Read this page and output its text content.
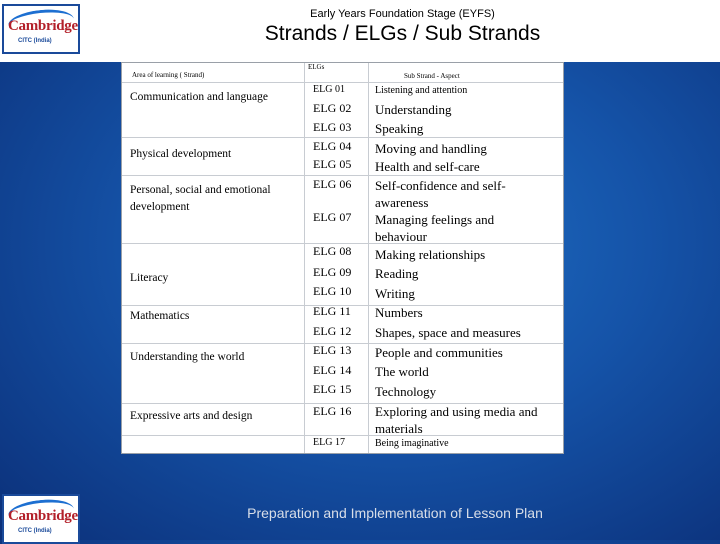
Cambridge
CITC (India)
Early Years Foundation Stage (EYFS)
Strands / ELGs / Sub Strands
Area of learning ( Strand)
ELGs
Sub Strand - Aspect
Communication and language
Physical development
Personal, social and emotional development
Literacy
Mathematics
Understanding the world
Expressive arts and design
ELG 01
ELG 02
ELG 03
ELG 04
ELG 05
ELG 06
ELG 07
ELG 08
ELG 09
ELG 10
ELG 11
ELG 12
ELG 13
ELG 14
ELG 15
ELG 16
ELG 17
Listening and attention
Understanding
Speaking
Moving and handling
Health and self-care
Self-confidence and self-awareness
Managing feelings and behaviour
Making relationships
Reading
Writing
Numbers
Shapes, space and measures
People and communities
The world
Technology
Exploring and using media and materials
Being imaginative
Cambridge
CITC (India)
Preparation and Implementation of Lesson Plan
